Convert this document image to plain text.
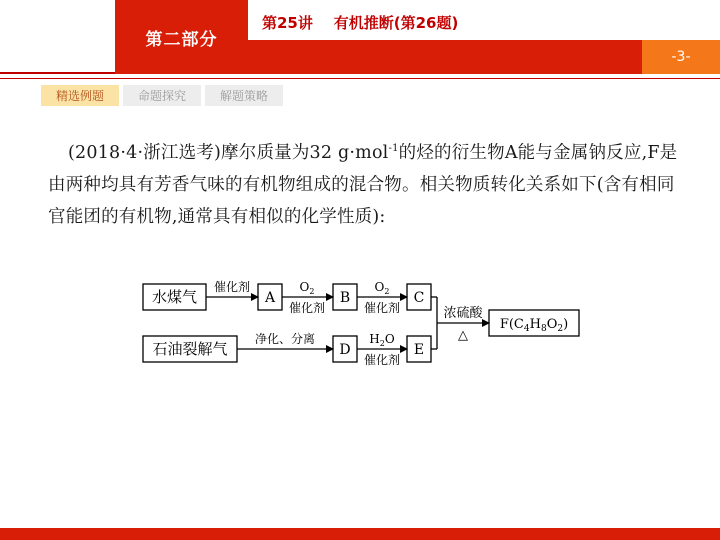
第二部分
第25讲    有机推断(第26题)
-3-
精选例题	命题探究	解题策略
(2018·4·浙江选考)摩尔质量为32 g·mol$^{-1}$的烃的衍生物A能与金属钠反应,F是由两种均具有芳香气味的有机物组成的混合物。相关物质转化关系如下(含有相同官能团的有机物,通常具有相似的化学性质):
水煤气	A	B	C
石油裂解气	D	E
$F(C_4H_8O_2)$
催化剂	$O_2$
催化剂
$O_2$
催化剂
净化、分离	$H_2O$
催化剂
浓硫酸
△
